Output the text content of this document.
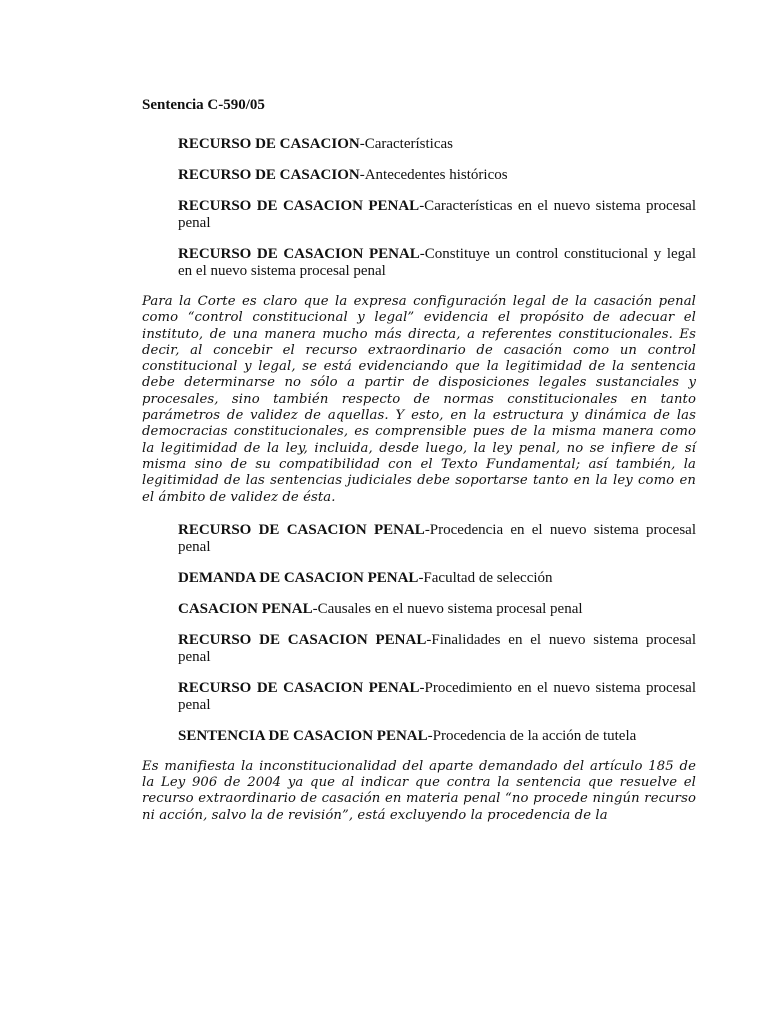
Sentencia C-590/05

RECURSO DE CASACION-Características

RECURSO DE CASACION-Antecedentes históricos

RECURSO DE CASACION PENAL-Características en el nuevo sistema procesal penal

RECURSO DE CASACION PENAL-Constituye un control constitucional y legal en el nuevo sistema procesal penal

Para la Corte es claro que la expresa configuración legal de la casación penal como “control constitucional y legal” evidencia el propósito de adecuar el instituto, de una manera mucho más directa, a referentes constitucionales. Es decir, al concebir el recurso extraordinario de casación como un control constitucional y legal, se está evidenciando que la legitimidad de la sentencia debe determinarse no sólo a partir de disposiciones legales sustanciales y procesales, sino también respecto de normas constitucionales en tanto parámetros de validez de aquellas. Y esto, en la estructura y dinámica de las democracias constitucionales, es comprensible pues de la misma manera como la legitimidad de la ley, incluida, desde luego, la ley penal, no se infiere de sí misma sino de su compatibilidad con el Texto Fundamental; así también, la legitimidad de las sentencias judiciales debe soportarse tanto en la ley como en el ámbito de validez de ésta.

RECURSO DE CASACION PENAL-Procedencia en el nuevo sistema procesal penal

DEMANDA DE CASACION PENAL-Facultad de selección

CASACION PENAL-Causales en el nuevo sistema procesal penal

RECURSO DE CASACION PENAL-Finalidades en el nuevo sistema procesal penal

RECURSO DE CASACION PENAL-Procedimiento en el nuevo sistema procesal penal

SENTENCIA DE CASACION PENAL-Procedencia de la acción de tutela

Es manifiesta la inconstitucionalidad del aparte demandado del artículo 185 de la Ley 906 de 2004 ya que al indicar que contra la sentencia que resuelve el recurso extraordinario de casación en materia penal “no procede ningún recurso ni acción, salvo la de revisión”, está excluyendo la procedencia de la
